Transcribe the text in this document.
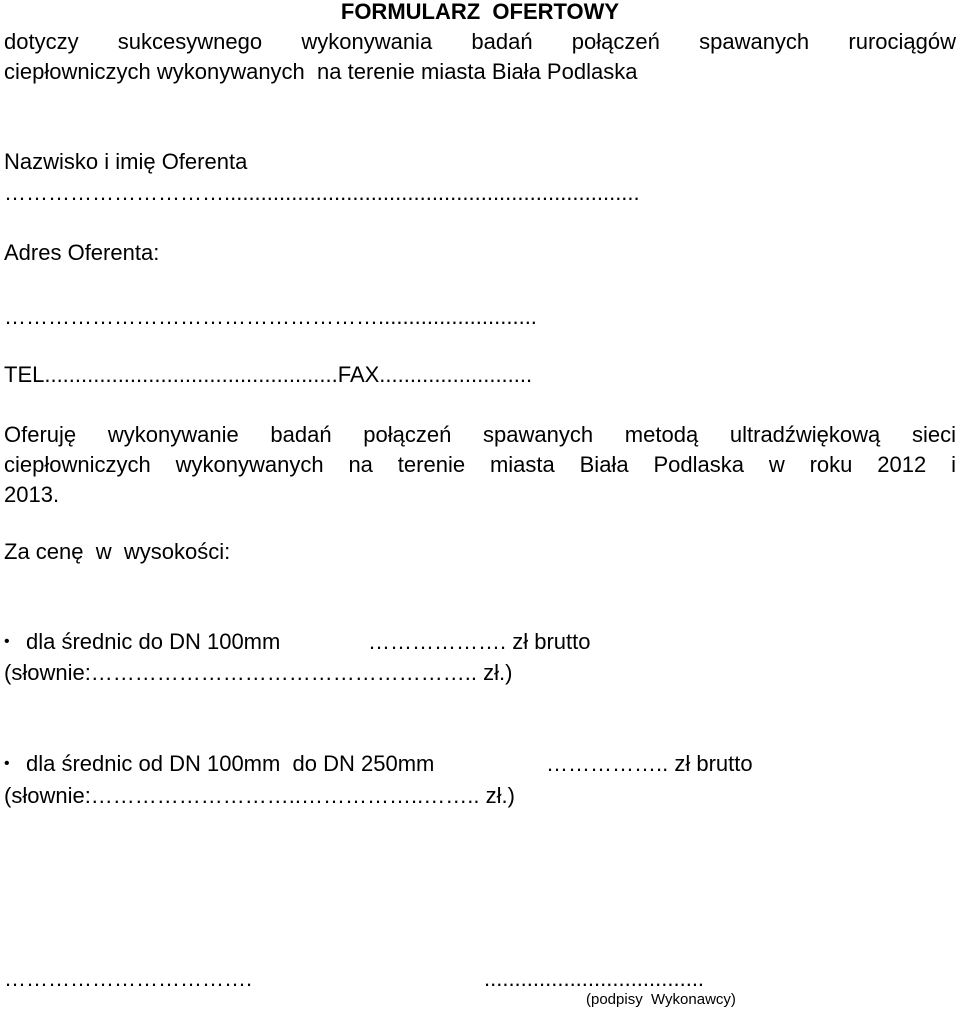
FORMULARZ  OFERTOWY
dotyczy sukcesywnego wykonywania badań połączeń spawanych rurociągów
ciepłowniczych wykonywanych  na terenie miasta Biała Podlaska
Nazwisko i imię Oferenta
…………………………....................................................................
Adres Oferenta:
……………………………………………..........................
TEL................................................FAX.........................
Oferuję wykonywanie badań połączeń spawanych metodą ultradźwiękową sieci
ciepłowniczych wykonywanych na terenie miasta Biała Podlaska w roku 2012 i
2013.
Za cenę  w  wysokości:
• dla średnic do DN 100mm	………………. zł brutto
(słownie:…………………………………………….. zł.)
• dla średnic od DN 100mm  do DN 250mm	…………….. zł brutto
(słownie:………………………..……………..…….. zł.)
…………………………….	....................................
(podpisy  Wykonawcy)
